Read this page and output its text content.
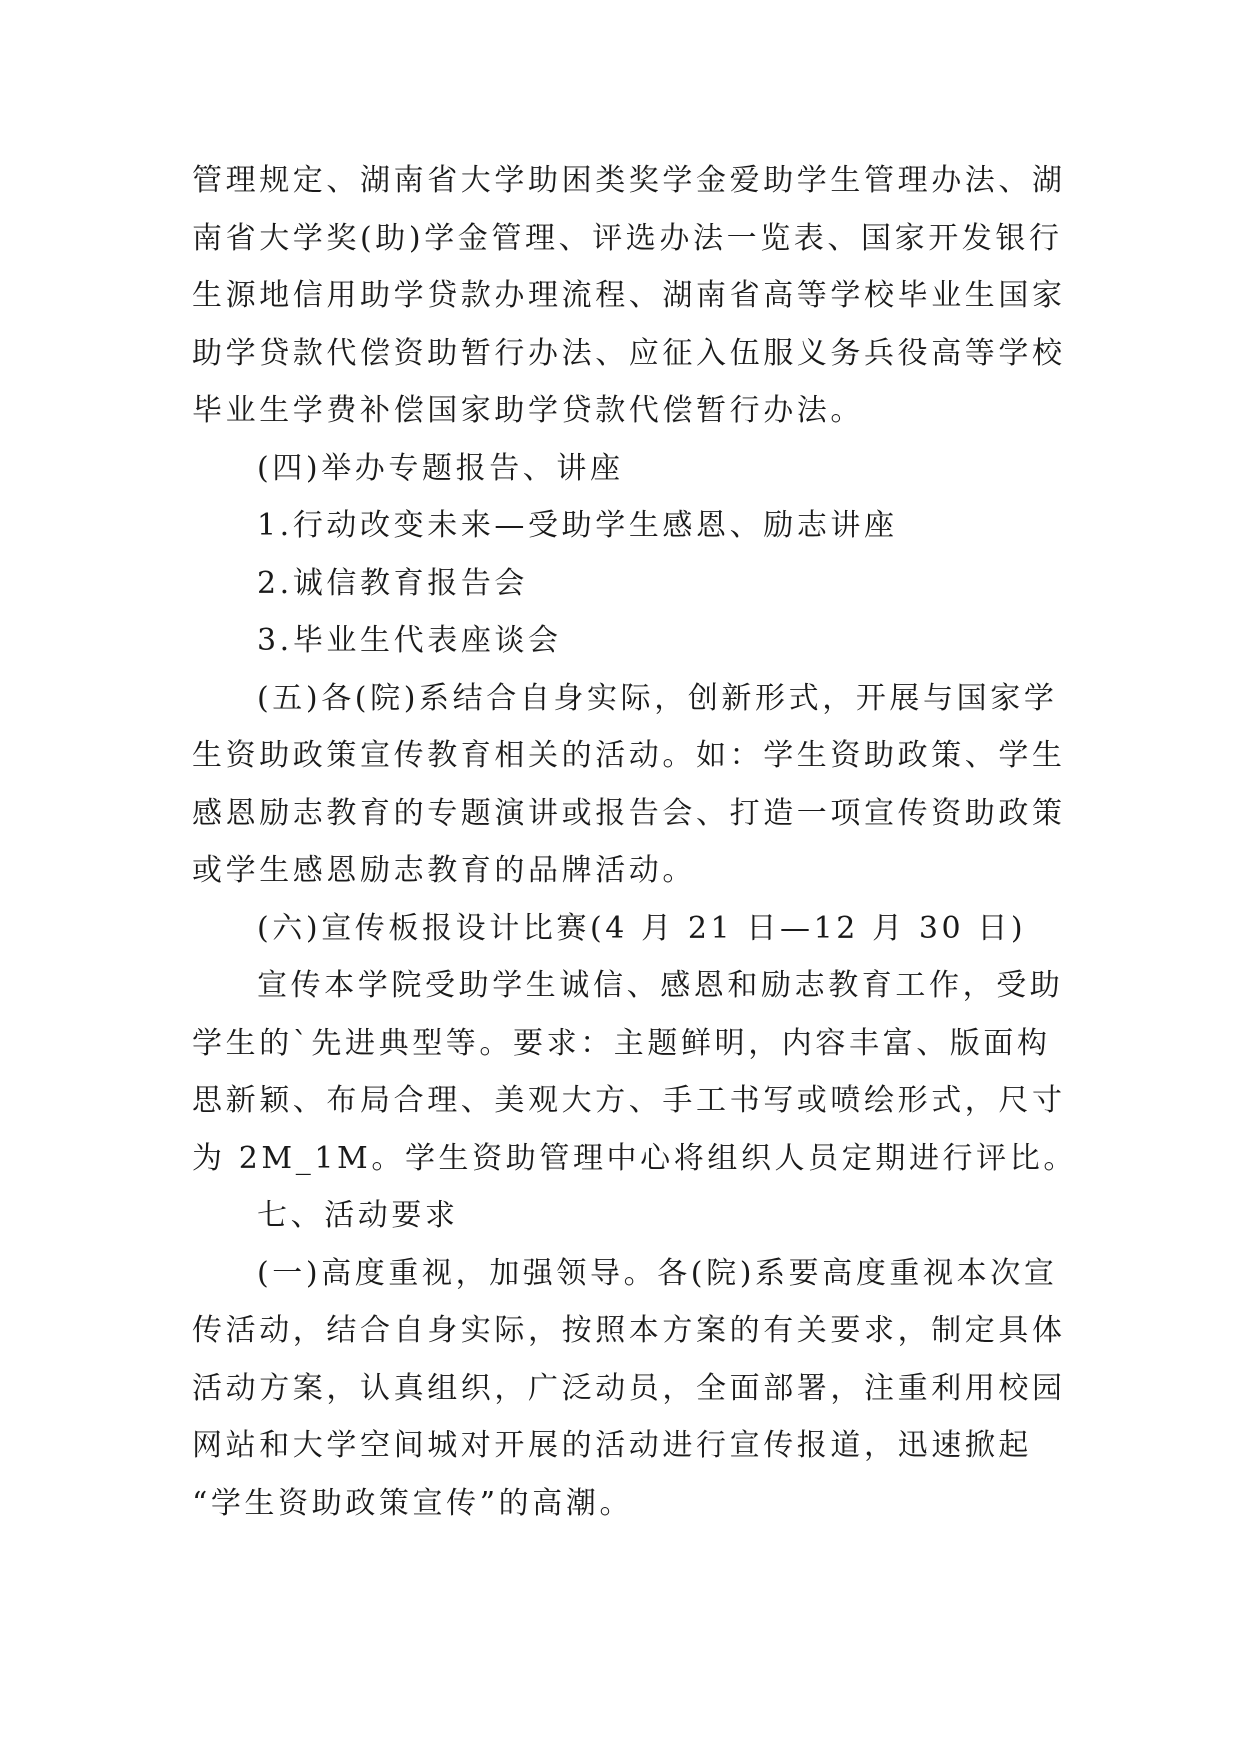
管理规定、湖南省大学助困类奖学金爱助学生管理办法、湖
南省大学奖(助)学金管理、评选办法一览表、国家开发银行
生源地信用助学贷款办理流程、湖南省高等学校毕业生国家
助学贷款代偿资助暂行办法、应征入伍服义务兵役高等学校
毕业生学费补偿国家助学贷款代偿暂行办法。
(四)举办专题报告、讲座
1.行动改变未来—受助学生感恩、励志讲座
2.诚信教育报告会
3.毕业生代表座谈会
(五)各(院)系结合自身实际，创新形式，开展与国家学
生资助政策宣传教育相关的活动。如：学生资助政策、学生
感恩励志教育的专题演讲或报告会、打造一项宣传资助政策
或学生感恩励志教育的品牌活动。
(六)宣传板报设计比赛(4 月 21 日—12 月 30 日)
宣传本学院受助学生诚信、感恩和励志教育工作，受助
学生的`先进典型等。要求：主题鲜明，内容丰富、版面构
思新颖、布局合理、美观大方、手工书写或喷绘形式，尺寸
为 2M_1M。学生资助管理中心将组织人员定期进行评比。
七、活动要求
(一)高度重视，加强领导。各(院)系要高度重视本次宣
传活动，结合自身实际，按照本方案的有关要求，制定具体
活动方案，认真组织，广泛动员，全面部署，注重利用校园
网站和大学空间城对开展的活动进行宣传报道，迅速掀起
“学生资助政策宣传”的高潮。
